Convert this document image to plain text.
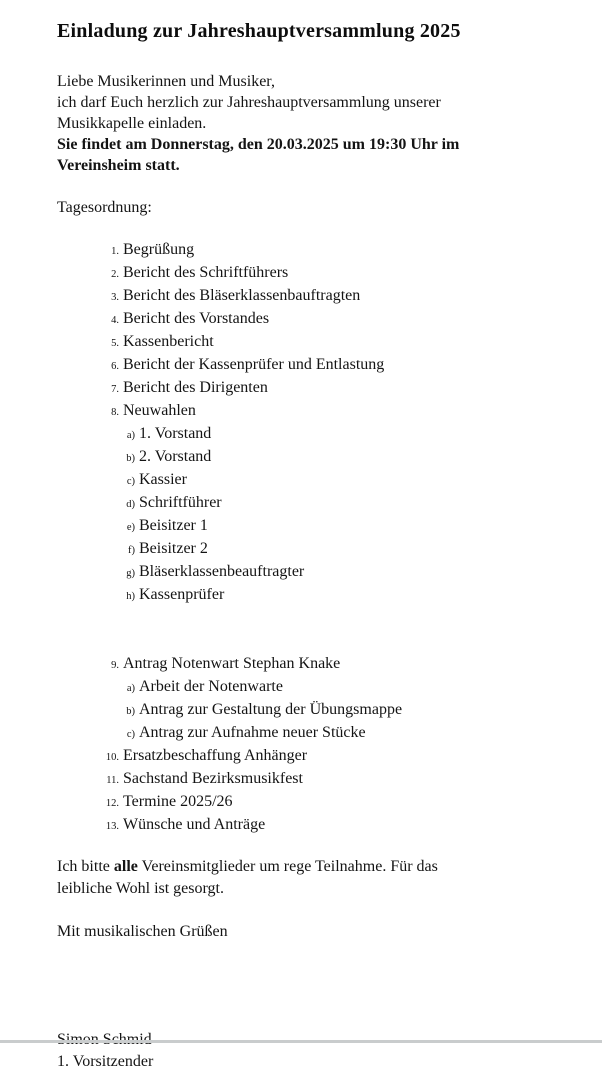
Einladung zur Jahreshauptversammlung 2025
Liebe Musikerinnen und Musiker,
ich darf Euch herzlich zur Jahreshauptversammlung unserer
Musikkapelle einladen.
Sie findet am Donnerstag, den 20.03.2025 um 19:30 Uhr im
Vereinsheim statt.
Tagesordnung:
1. Begrüßung
2. Bericht des Schriftführers
3. Bericht des Bläserklassenbauftragten
4. Bericht des Vorstandes
5. Kassenbericht
6. Bericht der Kassenprüfer und Entlastung
7. Bericht des Dirigenten
8. Neuwahlen
a) 1. Vorstand
b) 2. Vorstand
c) Kassier
d) Schriftführer
e) Beisitzer 1
f) Beisitzer 2
g) Bläserklassenbeauftragter
h) Kassenprüfer
9. Antrag Notenwart Stephan Knake
a) Arbeit der Notenwarte
b) Antrag zur Gestaltung der Übungsmappe
c) Antrag zur Aufnahme neuer Stücke
10. Ersatzbeschaffung Anhänger
11. Sachstand Bezirksmusikfest
12. Termine 2025/26
13. Wünsche und Anträge
Ich bitte alle Vereinsmitglieder um rege Teilnahme. Für das
leibliche Wohl ist gesorgt.
Mit musikalischen Grüßen
1. Vorsitzender
